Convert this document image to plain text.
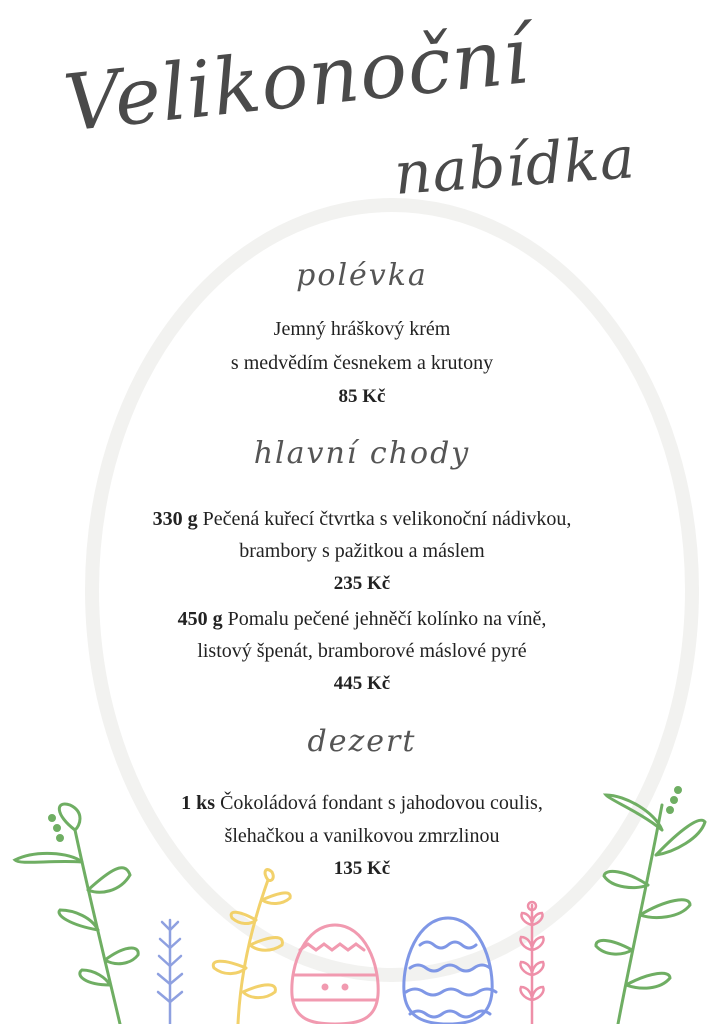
Velikonoční
nabídka
polévka
Jemný hráškový krém
s medvědím česnekem a krutony
85 Kč
hlavní chody
330 g Pečená kuřecí čtvrtka s velikonoční nádivkou,
brambory s pažitkou a máslem
235 Kč
450 g Pomalu pečené jehněčí kolínko na víně,
listový špenát, bramborové máslové pyré
445 Kč
dezert
1 ks Čokoládová fondant s jahodovou coulis,
šlehačkou a vanilkovou zmrzlinou
135 Kč
